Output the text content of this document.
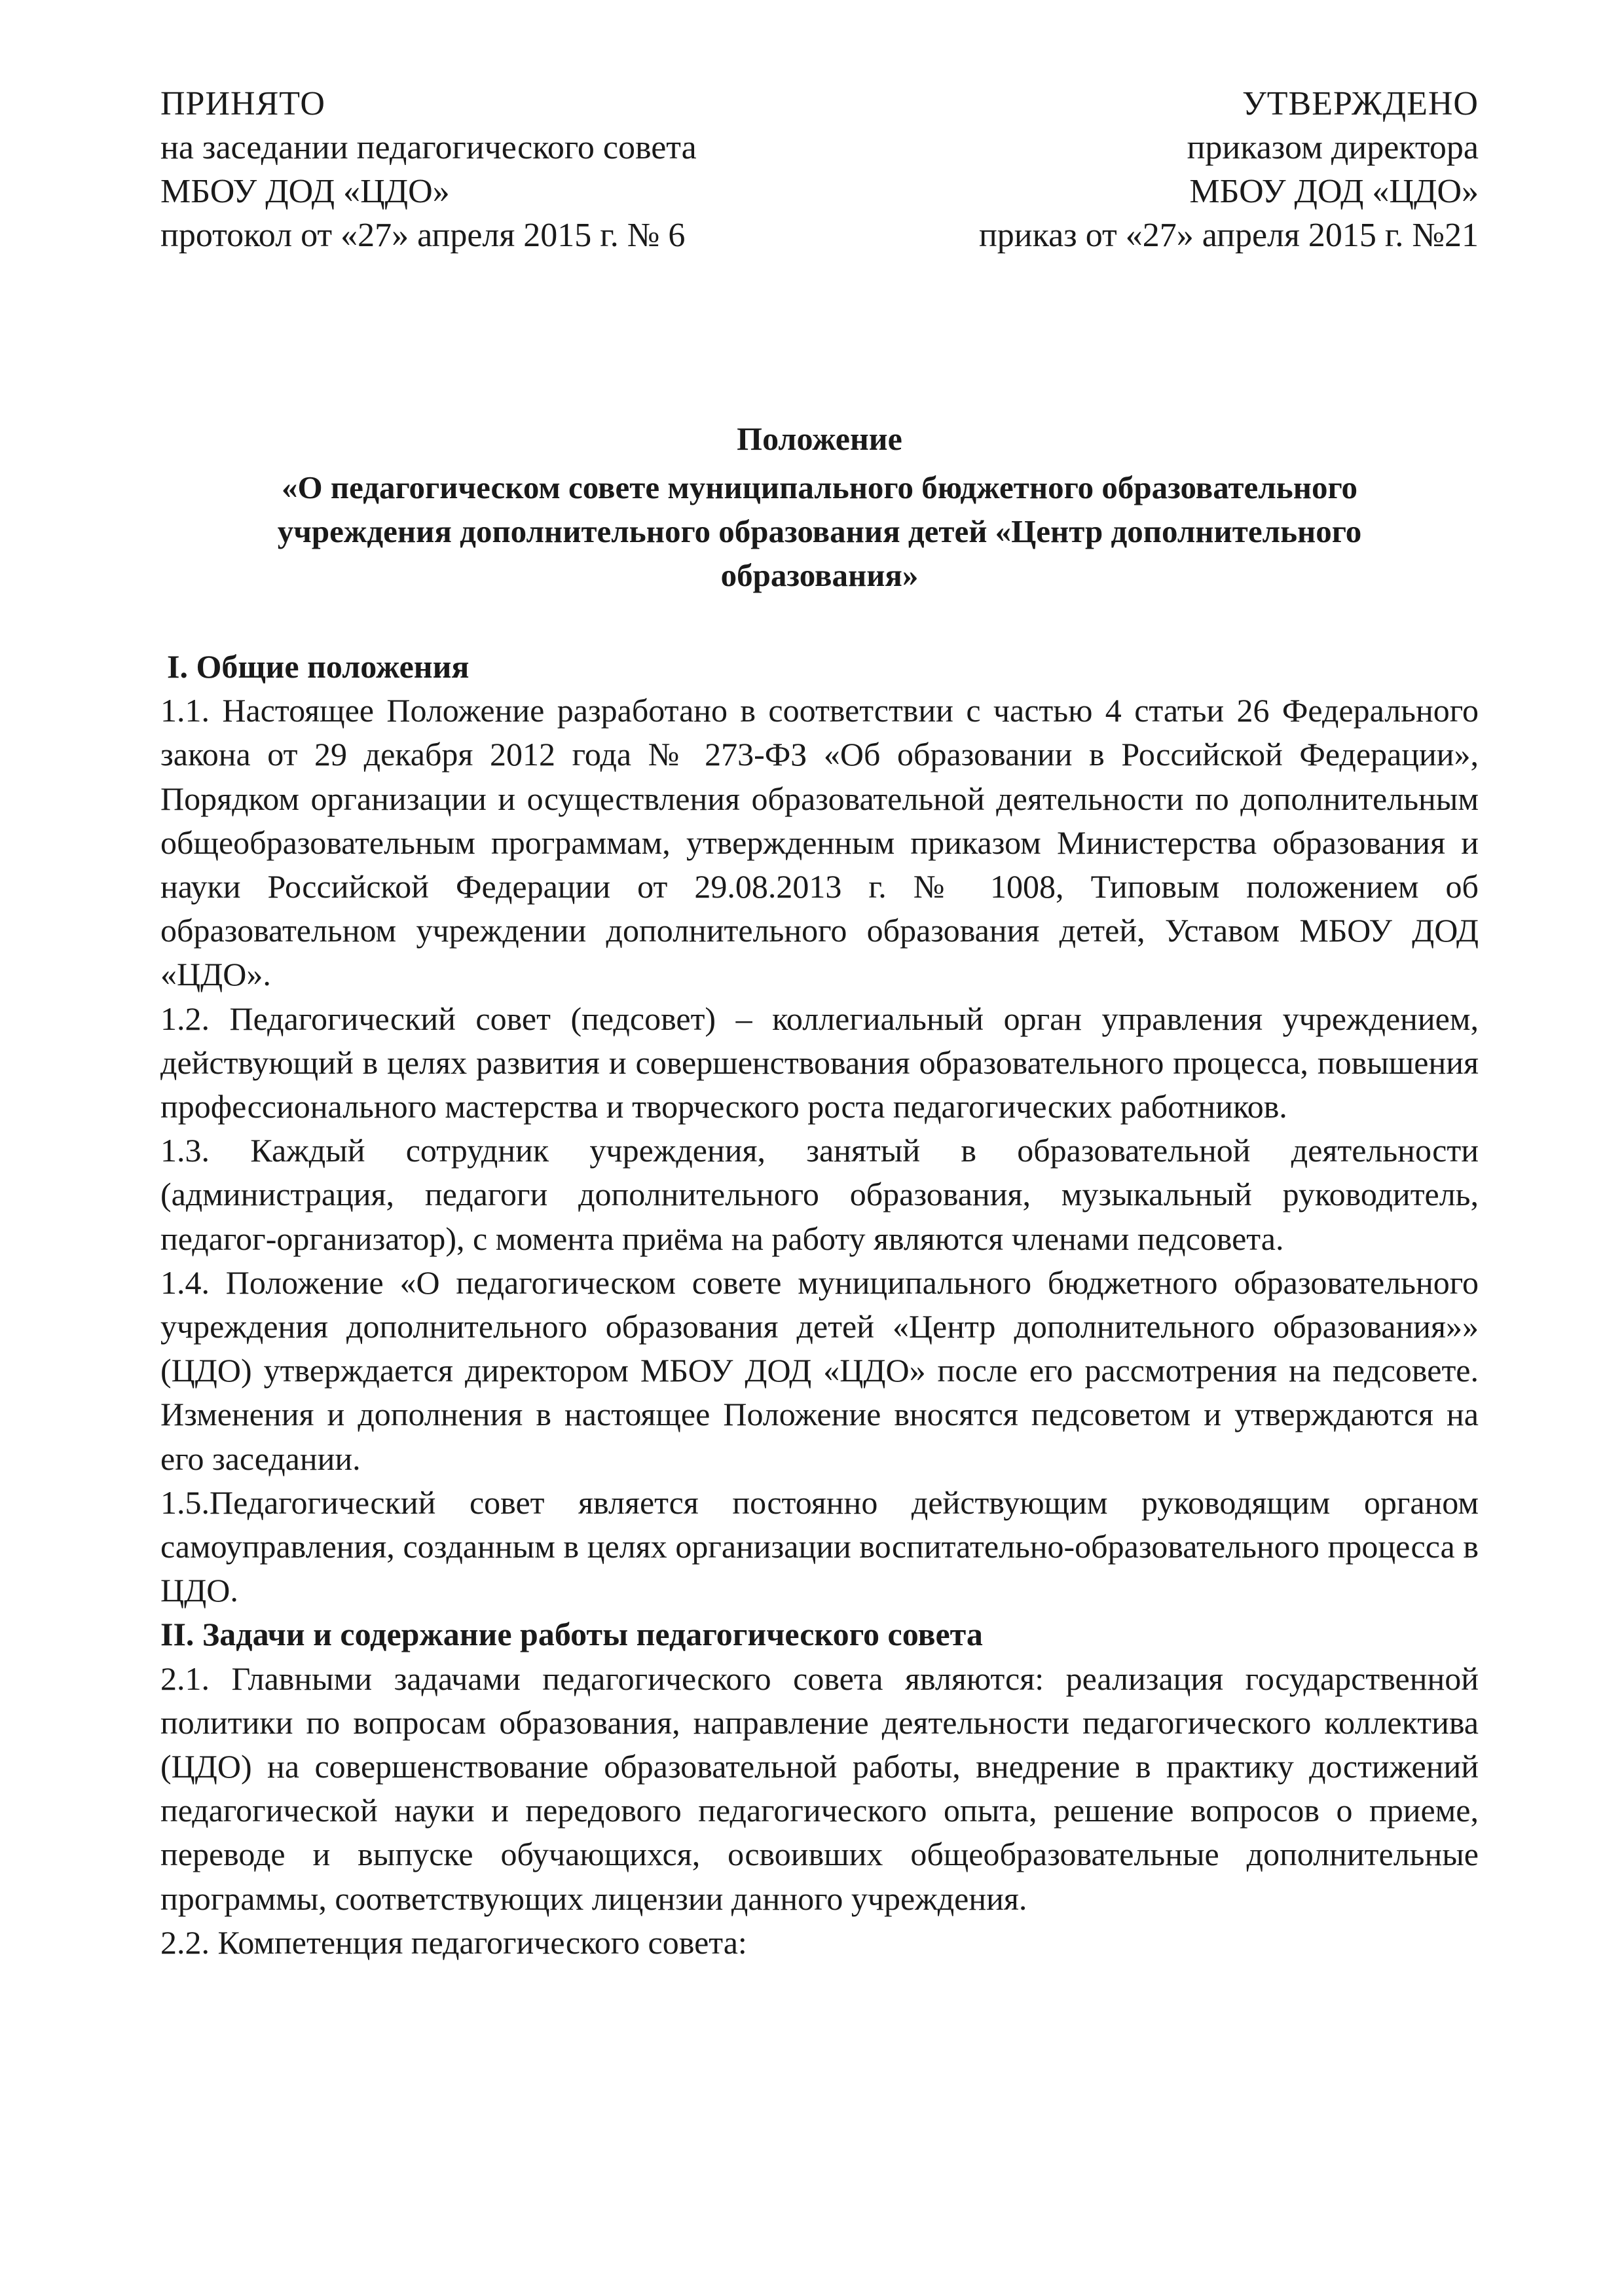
ПРИНЯТО
на заседании педагогического совета
МБОУ ДОД «ЦДО»
протокол от «27» апреля 2015 г. № 6
УТВЕРЖДЕНО
приказом директора
МБОУ ДОД «ЦДО»
приказ от «27» апреля 2015 г. №21
Положение
«О педагогическом совете муниципального бюджетного образовательного
учреждения дополнительного образования детей «Центр дополнительного
образования»
I. Общие положения
1.1. Настоящее Положение разработано в соответствии с частью 4 статьи 26 Федерального закона от 29 декабря 2012 года № 273-ФЗ «Об образовании в Российской Федерации», Порядком организации и осуществления образовательной деятельности по дополнительным общеобразовательным программам, утвержденным приказом Министерства образования и науки Российской Федерации от 29.08.2013 г. № 1008, Типовым положением об образовательном учреждении дополнительного образования детей, Уставом МБОУ ДОД «ЦДО».
1.2. Педагогический совет (педсовет) – коллегиальный орган управления учреждением, действующий в целях развития и совершенствования образовательного процесса, повышения профессионального мастерства и творческого роста педагогических работников.
1.3. Каждый сотрудник учреждения, занятый в образовательной деятельности (администрация, педагоги дополнительного образования, музыкальный руководитель, педагог-организатор), с момента приёма на работу являются членами педсовета.
1.4. Положение «О педагогическом совете муниципального бюджетного образовательного учреждения дополнительного образования детей «Центр дополнительного образования»» (ЦДО) утверждается директором МБОУ ДОД «ЦДО» после его рассмотрения на педсовете. Изменения и дополнения в настоящее Положение вносятся педсоветом и утверждаются на его заседании.
1.5.Педагогический совет является постоянно действующим руководящим органом самоуправления, созданным в целях организации воспитательно-образовательного процесса в ЦДО.
II. Задачи и содержание работы педагогического совета
2.1. Главными задачами педагогического совета являются: реализация государственной политики по вопросам образования, направление деятельности педагогического коллектива (ЦДО) на совершенствование образовательной работы, внедрение в практику достижений педагогической науки и передового педагогического опыта, решение вопросов о приеме, переводе и выпуске обучающихся, освоивших общеобразовательные дополнительные программы, соответствующих лицензии данного учреждения.
2.2. Компетенция педагогического совета:
